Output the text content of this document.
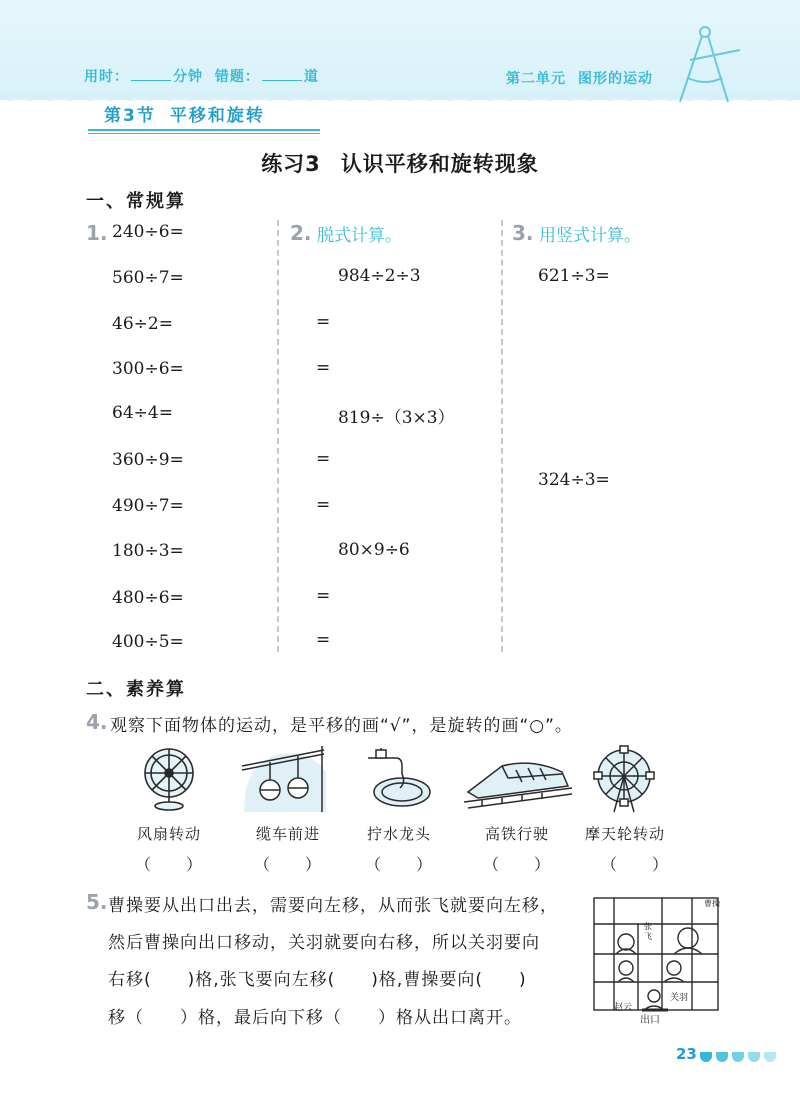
用时：	分钟 错题：	道	第二单元 图形的运动
第3节 平移和旋转
练习3 认识平移和旋转现象
一、常规算
1. 240÷6=
560÷7=
46÷2=
300÷6=
64÷4=
360÷9=
490÷7=
180÷3=
480÷6=
400÷5=
2. 脱式计算。
984÷2÷3
=
=
819÷（3×3）
=
=
80×9÷6
=
=
3. 用竖式计算。
621÷3=
324÷3=
二、素养算
4. 观察下面物体的运动，是平移的画“√”，是旋转的画“○”。
风扇转动	缆车前进	拧水龙头	高铁行驶	摩天轮转动
（　　）	（　　）	（　　）	（　　）	（　　）
5. 曹操要从出口出去，需要向左移，从而张飞就要向左移，
然后曹操向出口移动，关羽就要向右移，所以关羽要向
右移(　　)格,张飞要向左移(　　)格,曹操要向(　　)
移（　　）格，最后向下移（　　）格从出口离开。
曹操
张飞
赵云
关羽
出口
23
